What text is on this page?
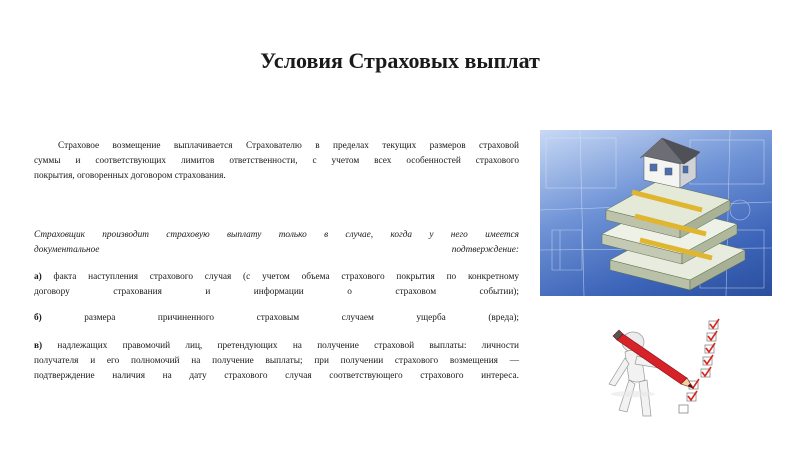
Условия Страховых выплат
Страховое возмещение выплачивается Страхователю в пределах текущих размеров страховой
суммы и соответствующих лимитов ответственности, с учетом всех особенностей страхового
покрытия, оговоренных договором страхования.
Страховщик производит страховую выплату только в случае, когда у него имеется
документальное подтверждение:
а) факта наступления страхового случая (с учетом объема страхового покрытия по конкретному
договору страхования и информации о страховом событии);
б)	размера причиненного страховым случаем ущерба (вреда);
в) надлежащих правомочий лиц, претендующих на получение страховой выплаты: личности
получателя и его полномочий на получение выплаты; при получении страхового возмещения —
подтверждение наличия на дату страхового случая соответствующего страхового интереса.
